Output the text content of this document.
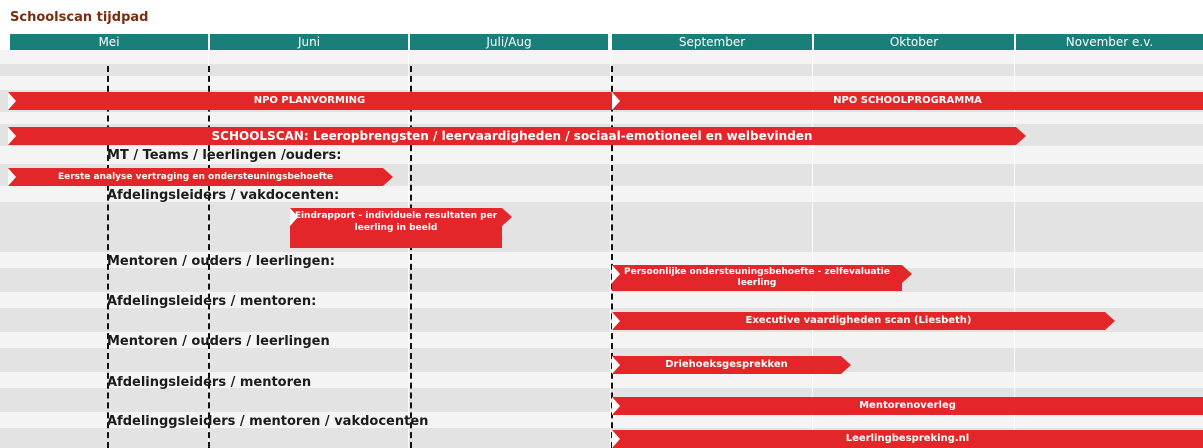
Schoolscan tijdpad
Mei	Juni	Juli/Aug	September	Oktober	November e.v.
NPO PLANVORMING	NPO SCHOOLPROGRAMMA
SCHOOLSCAN: Leeropbrengsten / leervaardigheden / sociaal-emotioneel en welbevinden
MT / Teams / leerlingen /ouders:
Eerste analyse vertraging en ondersteuningsbehoefte
Afdelingsleiders / vakdocenten:
Eindrapport - individuele resultaten per leerling in beeld
Mentoren / ouders / leerlingen:
Persoonlijke ondersteuningsbehoefte - zelfevaluatie leerling
Afdelingsleiders / mentoren:
Executive vaardigheden scan (Liesbeth)
Mentoren / ouders / leerlingen
Driehoeksgesprekken
Afdelingsleiders / mentoren
Mentorenoverleg
Afdelinggsleiders / mentoren / vakdocenten
Leerlingbespreking.nl
